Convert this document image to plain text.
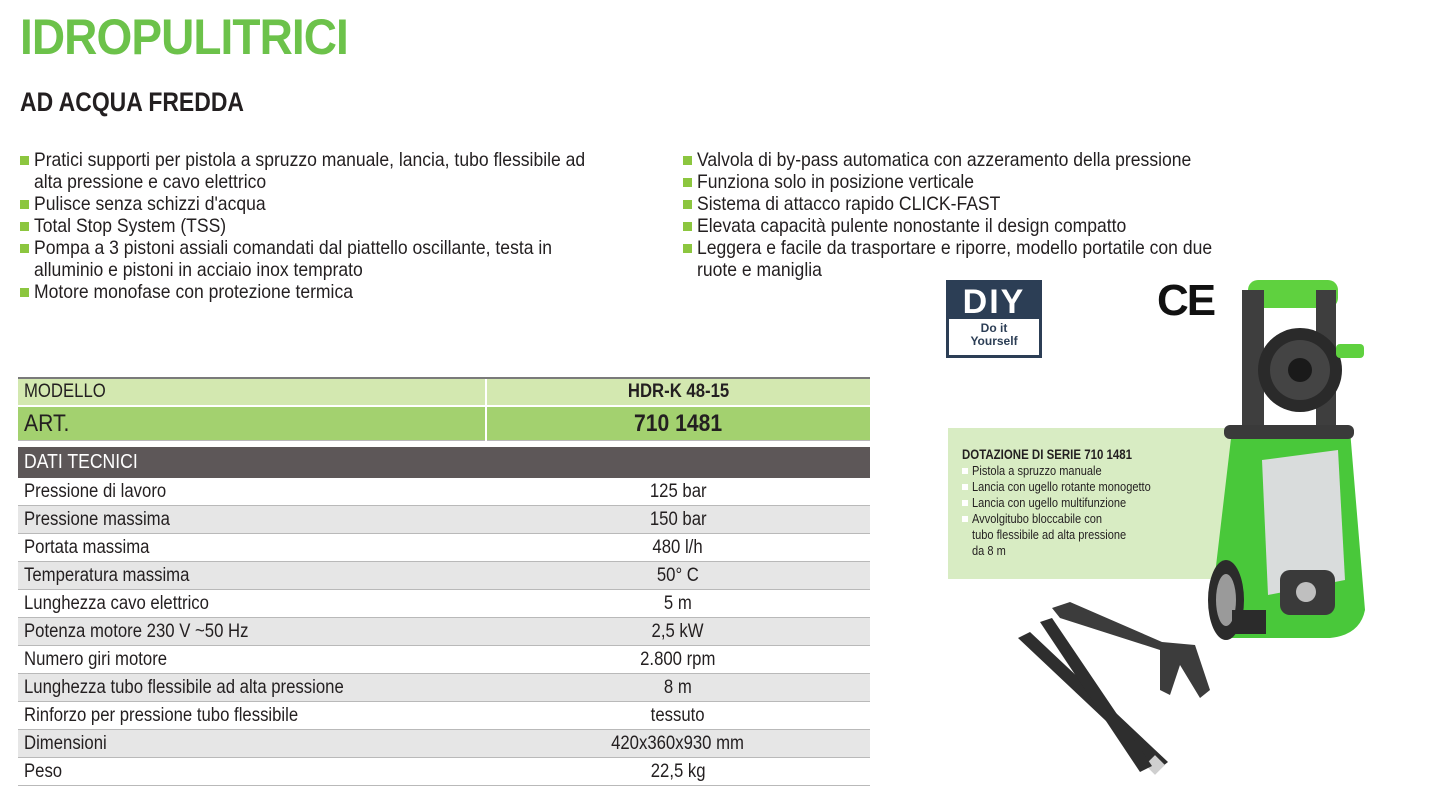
IDROPULITRICI
AD ACQUA FREDDA
Pratici supporti per pistola a spruzzo manuale, lancia, tubo flessibile adalta pressione e cavo elettrico
Pulisce senza schizzi d'acqua
Total Stop System (TSS)
Pompa a 3 pistoni assiali comandati dal piattello oscillante, testa inalluminio e pistoni in acciaio inox temprato
Motore monofase con protezione termica
Valvola di by-pass automatica con azzeramento della pressione
Funziona solo in posizione verticale
Sistema di attacco rapido CLICK-FAST
Elevata capacità pulente nonostante il design compatto
Leggera e facile da trasportare e riporre, modello portatile con dueruote e maniglia
MODELLO	HDR-K 48-15
ART.	710 1481

DATI TECNICI	
Pressione di lavoro	125 bar
Pressione massima	150 bar
Portata massima	480 l/h
Temperatura massima	50° C
Lunghezza cavo elettrico	5 m
Potenza motore 230 V ~50 Hz	2,5 kW
Numero giri motore	2.800 rpm
Lunghezza tubo flessibile ad alta pressione	8 m
Rinforzo per pressione tubo flessibile	tessuto
Dimensioni	420x360x930 mm
Peso	22,5 kg
DIY
Do it
Yourself
CE
DOTAZIONE DI SERIE 710 1481
Pistola a spruzzo manuale
Lancia con ugello rotante monogetto
Lancia con ugello multifunzione
Avvolgitubo bloccabile con
tubo flessibile ad alta pressione
da 8 m
